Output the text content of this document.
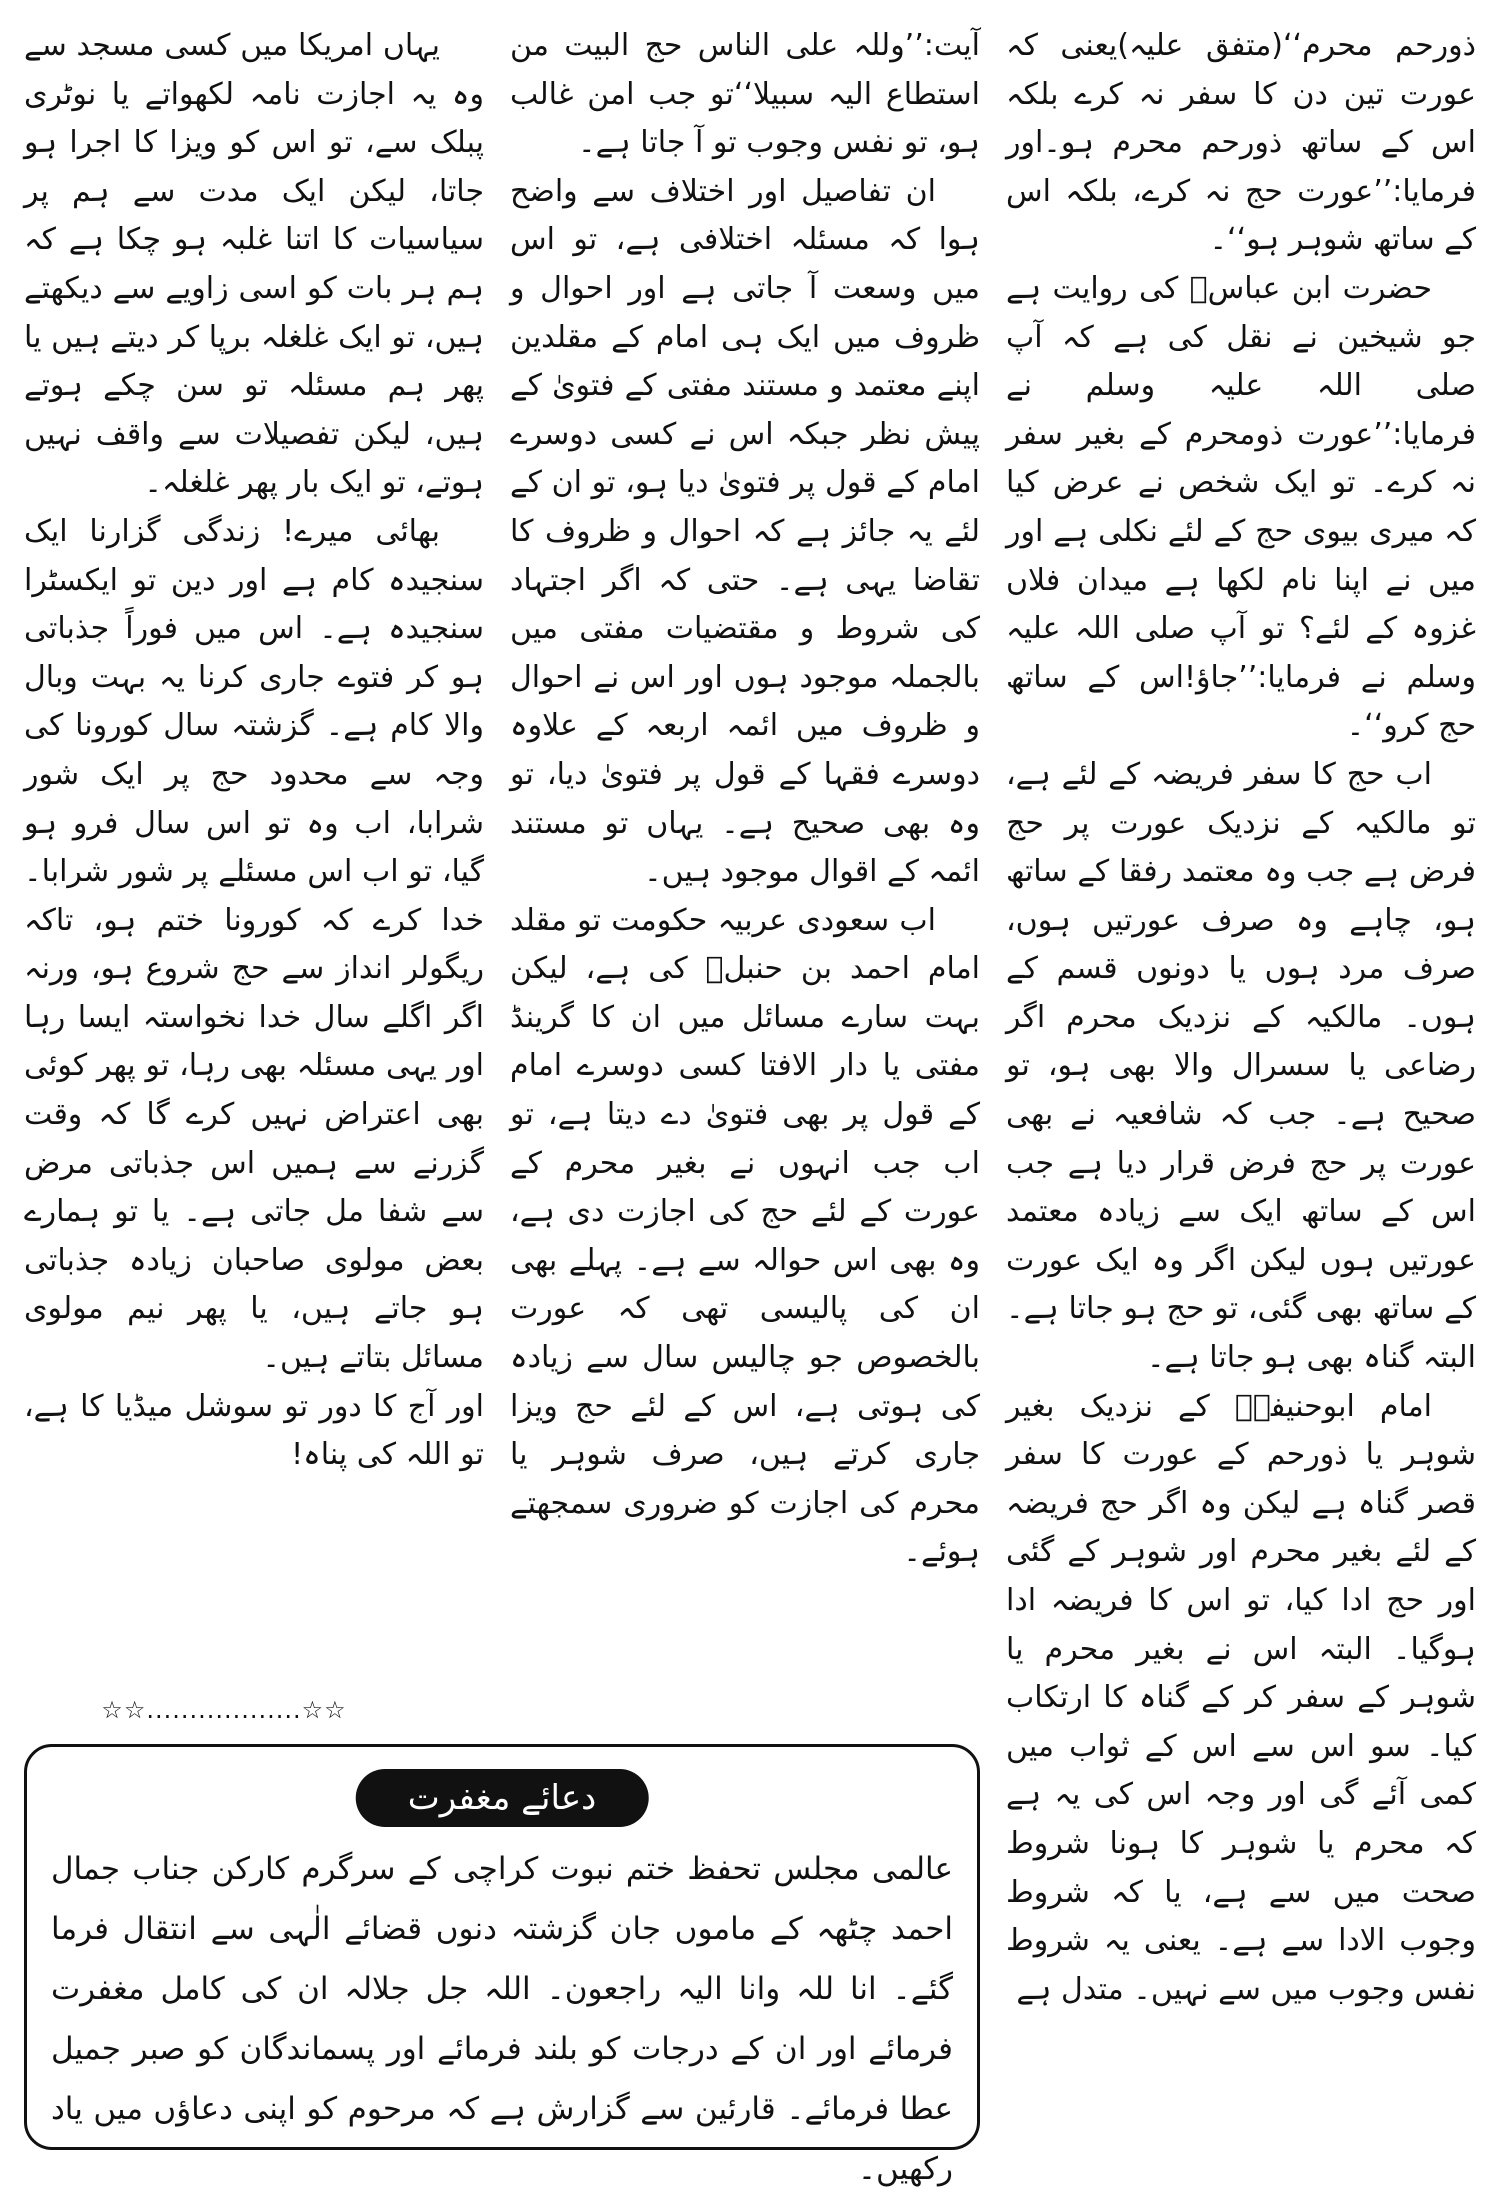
ذورحم محرم‘‘(متفق علیہ)یعنی کہ عورت تین دن کا سفر نہ کرے بلکہ اس کے ساتھ ذورحم محرم ہو۔اور فرمایا:’’عورت حج نہ کرے، بلکہ اس کے ساتھ شوہر ہو‘‘۔

حضرت ابن عباسؓ کی روایت ہے جو شیخین نے نقل کی ہے کہ آپ صلی اللہ علیہ وسلم نے فرمایا:’’عورت ذومحرم کے بغیر سفر نہ کرے۔ تو ایک شخص نے عرض کیا کہ میری بیوی حج کے لئے نکلی ہے اور میں نے اپنا نام لکھا ہے میدان فلاں غزوہ کے لئے؟ تو آپ صلی اللہ علیہ وسلم نے فرمایا:’’جاؤ!اس کے ساتھ حج کرو‘‘۔

اب حج کا سفر فریضہ کے لئے ہے، تو مالکیہ کے نزدیک عورت پر حج فرض ہے جب وہ معتمد رفقا کے ساتھ ہو، چاہے وہ صرف عورتیں ہوں، صرف مرد ہوں یا دونوں قسم کے ہوں۔ مالکیہ کے نزدیک محرم اگر رضاعی یا سسرال والا بھی ہو، تو صحیح ہے۔ جب کہ شافعیہ نے بھی عورت پر حج فرض قرار دیا ہے جب اس کے ساتھ ایک سے زیادہ معتمد عورتیں ہوں لیکن اگر وہ ایک عورت کے ساتھ بھی گئی، تو حج ہو جاتا ہے۔البتہ گناہ بھی ہو جاتا ہے۔

امام ابوحنیفہؒ کے نزدیک بغیر شوہر یا ذورحم کے عورت کا سفر قصر گناہ ہے لیکن وہ اگر حج فریضہ کے لئے بغیر محرم اور شوہر کے گئی اور حج ادا کیا، تو اس کا فریضہ ادا ہوگیا۔ البتہ اس نے بغیر محرم یا شوہر کے سفر کر کے گناہ کا ارتکاب کیا۔ سو اس سے اس کے ثواب میں کمی آئے گی اور وجہ اس کی یہ ہے کہ محرم یا شوہر کا ہونا شروط صحت میں سے ہے، یا کہ شروط وجوب الادا سے ہے۔ یعنی یہ شروط نفس وجوب میں سے نہیں۔ متدل ہے

آیت:’’وللہ علی الناس حج البیت من استطاع الیہ سبیلا‘‘تو جب امن غالب ہو، تو نفس وجوب تو آ جاتا ہے۔

ان تفاصیل اور اختلاف سے واضح ہوا کہ مسئلہ اختلافی ہے، تو اس میں وسعت آ جاتی ہے اور احوال و ظروف میں ایک ہی امام کے مقلدین اپنے معتمد و مستند مفتی کے فتویٰ کے پیش نظر جبکہ اس نے کسی دوسرے امام کے قول پر فتویٰ دیا ہو، تو ان کے لئے یہ جائز ہے کہ احوال و ظروف کا تقاضا یہی ہے۔ حتی کہ اگر اجتہاد کی شروط و مقتضیات مفتی میں بالجملہ موجود ہوں اور اس نے احوال و ظروف میں ائمہ اربعہ کے علاوہ دوسرے فقہا کے قول پر فتویٰ دیا، تو وہ بھی صحیح ہے۔ یہاں تو مستند ائمہ کے اقوال موجود ہیں۔

اب سعودی عربیہ حکومت تو مقلد امام احمد بن حنبلؒ کی ہے، لیکن بہت سارے مسائل میں ان کا گرینڈ مفتی یا دار الافتا کسی دوسرے امام کے قول پر بھی فتویٰ دے دیتا ہے، تو اب جب انہوں نے بغیر محرم کے عورت کے لئے حج کی اجازت دی ہے، وہ بھی اس حوالہ سے ہے۔ پہلے بھی ان کی پالیسی تھی کہ عورت بالخصوص جو چالیس سال سے زیادہ کی ہوتی ہے، اس کے لئے حج ویزا جاری کرتے ہیں، صرف شوہر یا محرم کی اجازت کو ضروری سمجھتے ہوئے۔

یہاں امریکا میں کسی مسجد سے وہ یہ اجازت نامہ لکھواتے یا نوٹری پبلک سے، تو اس کو ویزا کا اجرا ہو جاتا، لیکن ایک مدت سے ہم پر سیاسیات کا اتنا غلبہ ہو چکا ہے کہ ہم ہر بات کو اسی زاویے سے دیکھتے ہیں، تو ایک غلغلہ برپا کر دیتے ہیں یا پھر ہم مسئلہ تو سن چکے ہوتے ہیں، لیکن تفصیلات سے واقف نہیں ہوتے، تو ایک بار پھر غلغلہ۔

بھائی میرے! زندگی گزارنا ایک سنجیدہ کام ہے اور دین تو ایکسٹرا سنجیدہ ہے۔ اس میں فوراً جذباتی ہو کر فتوے جاری کرنا یہ بہت وبال والا کام ہے۔ گزشتہ سال کورونا کی وجہ سے محدود حج پر ایک شور شرابا، اب وہ تو اس سال فرو ہو گیا، تو اب اس مسئلے پر شور شرابا۔ خدا کرے کہ کورونا ختم ہو، تاکہ ریگولر انداز سے حج شروع ہو، ورنہ اگر اگلے سال خدا نخواستہ ایسا رہا اور یہی مسئلہ بھی رہا، تو پھر کوئی بھی اعتراض نہیں کرے گا کہ وقت گزرنے سے ہمیں اس جذباتی مرض سے شفا مل جاتی ہے۔ یا تو ہمارے بعض مولوی صاحبان زیادہ جذباتی ہو جاتے ہیں، یا پھر نیم مولوی مسائل بتاتے ہیں۔

اور آج کا دور تو سوشل میڈیا کا ہے، تو اللہ کی پناہ!

☆☆..................☆☆
دعائے مغفرت

عالمی مجلس تحفظ ختم نبوت کراچی کے سرگرم کارکن جناب جمال احمد چٹھہ کے ماموں جان گزشتہ دنوں قضائے الٰہی سے انتقال فرما گئے۔ انا للہ وانا الیہ راجعون۔ اللہ جل جلالہ ان کی کامل مغفرت فرمائے اور ان کے درجات کو بلند فرمائے اور پسماندگان کو صبر جمیل عطا فرمائے۔ قارئین سے گزارش ہے کہ مرحوم کو اپنی دعاؤں میں یاد رکھیں۔
